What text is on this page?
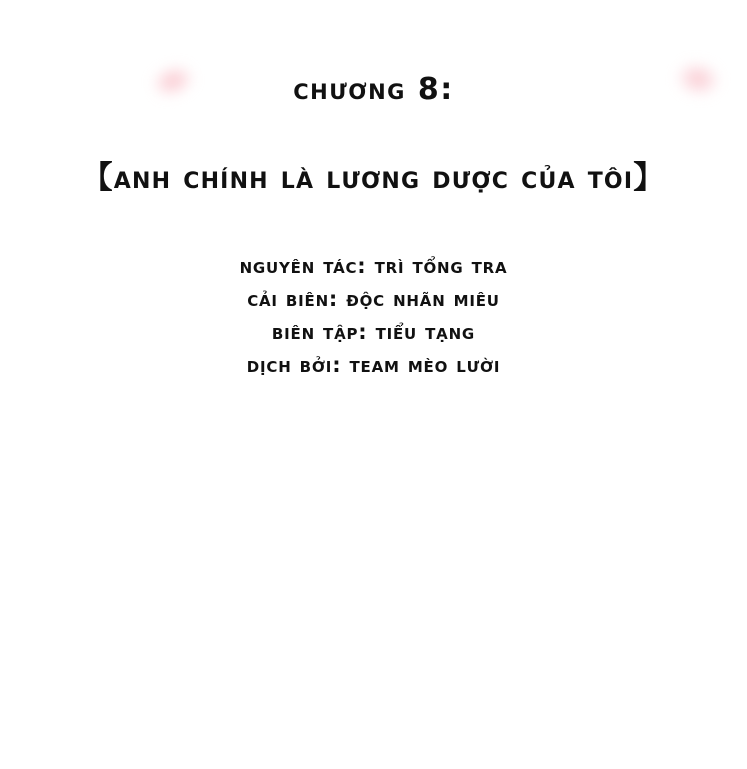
chương 8:
【anh chính là lương dược của tôi】
nguyên tác: trì tổng tra
cải biên: độc nhãn miêu
biên tập: tiểu tạng
dịch bởi: team mèo lười
